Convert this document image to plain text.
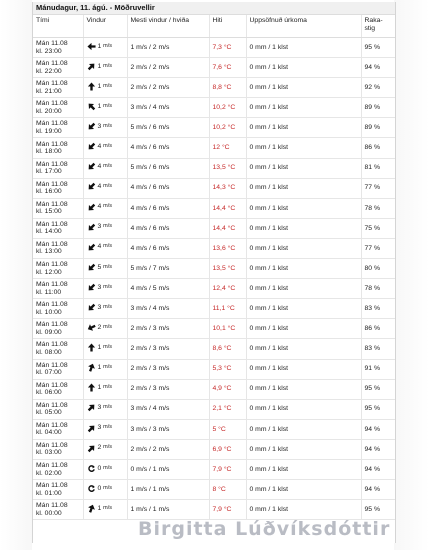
Mánudagur, 11. ágú. - Möðruvellir
Tími	Vindur	Mesti vindur / hviða	Hiti	Uppsöfnuð úrkoma	Raka-
stig
Mán 11.08
kl. 23:00	1
m/s	1 m/s / 2 m/s	7,3 °C	0 mm / 1 klst	95 %
Mán 11.08
kl. 22:00	1
m/s	2 m/s / 2 m/s	7,6 °C	0 mm / 1 klst	94 %
Mán 11.08
kl. 21:00	1
m/s	2 m/s / 2 m/s	8,8 °C	0 mm / 1 klst	92 %
Mán 11.08
kl. 20:00	1
m/s	3 m/s / 4 m/s	10,2 °C	0 mm / 1 klst	89 %
Mán 11.08
kl. 19:00	3
m/s	5 m/s / 6 m/s	10,2 °C	0 mm / 1 klst	89 %
Mán 11.08
kl. 18:00	4
m/s	4 m/s / 6 m/s	12 °C	0 mm / 1 klst	86 %
Mán 11.08
kl. 17:00	4
m/s	5 m/s / 6 m/s	13,5 °C	0 mm / 1 klst	81 %
Mán 11.08
kl. 16:00	4
m/s	4 m/s / 6 m/s	14,3 °C	0 mm / 1 klst	77 %
Mán 11.08
kl. 15:00	4
m/s	4 m/s / 6 m/s	14,4 °C	0 mm / 1 klst	78 %
Mán 11.08
kl. 14:00	3
m/s	4 m/s / 6 m/s	14,4 °C	0 mm / 1 klst	75 %
Mán 11.08
kl. 13:00	4
m/s	4 m/s / 6 m/s	13,6 °C	0 mm / 1 klst	77 %
Mán 11.08
kl. 12:00	5
m/s	5 m/s / 7 m/s	13,5 °C	0 mm / 1 klst	80 %
Mán 11.08
kl. 11:00	3
m/s	4 m/s / 5 m/s	12,4 °C	0 mm / 1 klst	78 %
Mán 11.08
kl. 10:00	3
m/s	3 m/s / 4 m/s	11,1 °C	0 mm / 1 klst	83 %
Mán 11.08
kl. 09:00	2
m/s	2 m/s / 3 m/s	10,1 °C	0 mm / 1 klst	86 %
Mán 11.08
kl. 08:00	1
m/s	2 m/s / 3 m/s	8,6 °C	0 mm / 1 klst	83 %
Mán 11.08
kl. 07:00	1
m/s	2 m/s / 3 m/s	5,3 °C	0 mm / 1 klst	91 %
Mán 11.08
kl. 06:00	1
m/s	2 m/s / 3 m/s	4,9 °C	0 mm / 1 klst	95 %
Mán 11.08
kl. 05:00	3
m/s	3 m/s / 4 m/s	2,1 °C	0 mm / 1 klst	95 %
Mán 11.08
kl. 04:00	3
m/s	3 m/s / 3 m/s	5 °C	0 mm / 1 klst	94 %
Mán 11.08
kl. 03:00	2
m/s	2 m/s / 2 m/s	6,9 °C	0 mm / 1 klst	94 %
Mán 11.08
kl. 02:00	0
m/s	0 m/s / 1 m/s	7,9 °C	0 mm / 1 klst	94 %
Mán 11.08
kl. 01:00	0
m/s	1 m/s / 1 m/s	8 °C	0 mm / 1 klst	94 %
Mán 11.08
kl. 00:00	1
m/s	1 m/s / 1 m/s	7,9 °C	0 mm / 1 klst	95 %
Birgitta Lúðvíksdóttir
